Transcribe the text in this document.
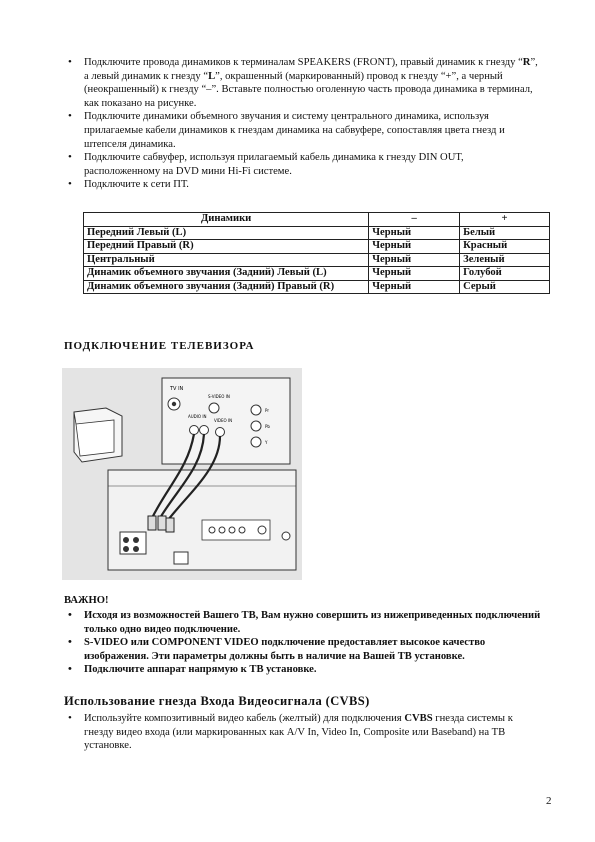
• Подключите провода динамиков к терминалам SPEAKERS (FRONT), правый динамик к гнезду “R”, а левый динамик к гнезду “L”, окрашенный (маркированный) провод к гнезду “+”, а черный (неокрашенный) к гнезду “–”. Вставьте полностью оголенную часть провода динамика в терминал, как показано на рисунке.
• Подключите динамики объемного звучания и систему центрального динамика, используя прилагаемые кабели динамиков к гнездам динамика на сабвуфере, сопоставляя цвета гнезд и штепселя динамика.
• Подключите сабвуфер, используя прилагаемый кабель динамика к гнезду DIN OUT, расположенному на DVD мини Hi-Fi системе.
• Подключите к сети ПТ.
Динамики	–	+
Передний Левый (L)	Черный	Белый
Передний Правый (R)	Черный	Красный
Центральный	Черный	Зеленый
Динамик объемного звучания (Задний) Левый (L)	Черный	Голубой
Динамик объемного звучания (Задний) Правый (R)	Черный	Серый
ПОДКЛЮЧЕНИЕ ТЕЛЕВИЗОРА
TV IN
S-VIDEO IN
AUDIO IN
VIDEO IN
Pr
Pb
Y
ВАЖНО!
• Исходя из возможностей Вашего ТВ, Вам нужно совершить из нижеприведенных подключений только одно видео подключение.
• S-VIDEO или COMPONENT VIDEO подключение предоставляет высокое качество изображения. Эти параметры должны быть в наличие на Вашей ТВ установке.
• Подключите аппарат напрямую к ТВ установке.
Использование гнезда Входа Видеосигнала (CVBS)
• Используйте композитивный видео кабель (желтый) для подключения CVBS гнезда системы к гнезду видео входа (или маркированных как A/V In, Video In, Composite или Baseband) на ТВ установке.
2
